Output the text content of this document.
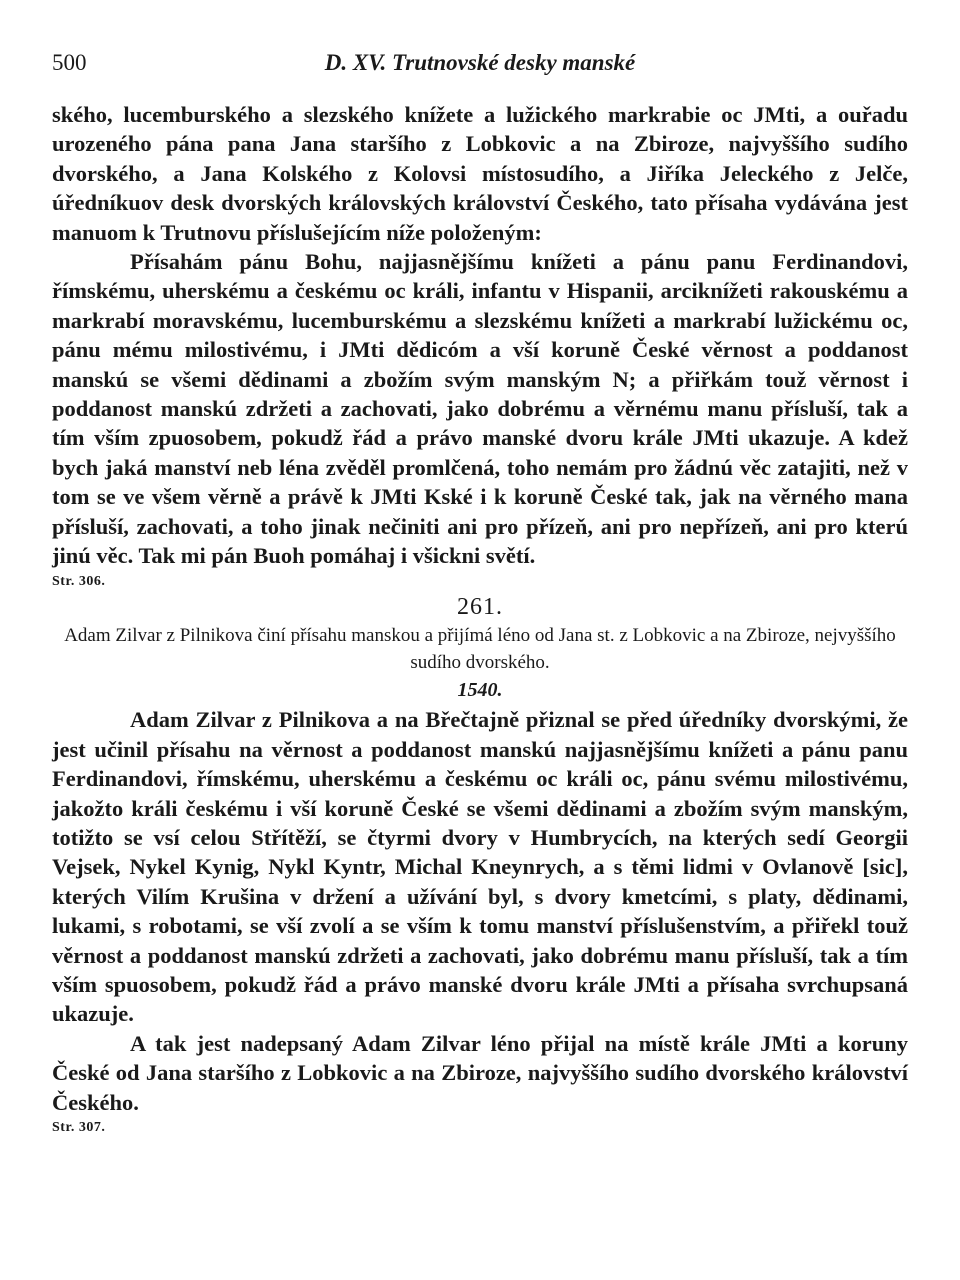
500	D. XV. Trutnovské desky manské

ského, lucemburského a slezského knížete a lužického markrabie oc JMti, a ouřadu urozeného pána pana Jana staršího z Lobkovic a na Zbiroze, najvyššího sudího dvorského, a Jana Kolského z Kolovsi místosudího, a Jiříka Jeleckého z Jelče, úředníkuov desk dvorských královských království Českého, tato přísaha vydávána jest manuom k Trutnovu příslušejícím níže položeným:

Přísahám pánu Bohu, najjasnějšímu knížeti a pánu panu Ferdinandovi, římskému, uherskému a českému oc králi, infantu v Hispanii, arciknížeti rakouskému a markrabí moravskému, lucemburskému a slezskému knížeti a markrabí lužickému oc, pánu mému milostivému, i JMti dědicóm a vší koruně České věrnost a poddanost manskú se všemi dědinami a zbožím svým manským N; a přiřkám touž věrnost i poddanost manskú zdržeti a zachovati, jako dobrému a věrnému manu přísluší, tak a tím vším zpuosobem, pokudž řád a právo manské dvoru krále JMti ukazuje. A kdež bych jaká manství neb léna zvěděl promlčená, toho nemám pro žádnú věc zatajiti, než v tom se ve všem věrně a právě k JMti Kské i k koruně České tak, jak na věrného mana přísluší, zachovati, a toho jinak nečiniti ani pro přízeň, ani pro nepřízeň, ani pro kterú jinú věc. Tak mi pán Buoh pomáhaj i všickni světí.

Str. 306.

261.

Adam Zilvar z Pilnikova činí přísahu manskou a přijímá léno od Jana st. z Lobkovic a na Zbiroze, nejvyššího sudího dvorského.

1540.

Adam Zilvar z Pilnikova a na Břečtajně přiznal se před úředníky dvorskými, že jest učinil přísahu na věrnost a poddanost manskú najjasnějšímu knížeti a pánu panu Ferdinandovi, římskému, uherskému a českému oc králi oc, pánu svému milostivému, jakožto králi českému i vší koruně České se všemi dědinami a zbožím svým manským, totižto se vsí celou Střítěží, se čtyrmi dvory v Humbrycích, na kterých sedí Georgii Vejsek, Nykel Kynig, Nykl Kyntr, Michal Kneynrych, a s těmi lidmi v Ovlanově [sic], kterých Vilím Krušina v držení a užívání byl, s dvory kmetcími, s platy, dědinami, lukami, s robotami, se vší zvolí a se vším k tomu manství příslušenstvím, a přiřekl touž věrnost a poddanost manskú zdržeti a zachovati, jako dobrému manu přísluší, tak a tím vším spuosobem, pokudž řád a právo manské dvoru krále JMti a přísaha svrchupsaná ukazuje.

A tak jest nadepsaný Adam Zilvar léno přijal na místě krále JMti a koruny České od Jana staršího z Lobkovic a na Zbiroze, najvyššího sudího dvorského království Českého.

Str. 307.
